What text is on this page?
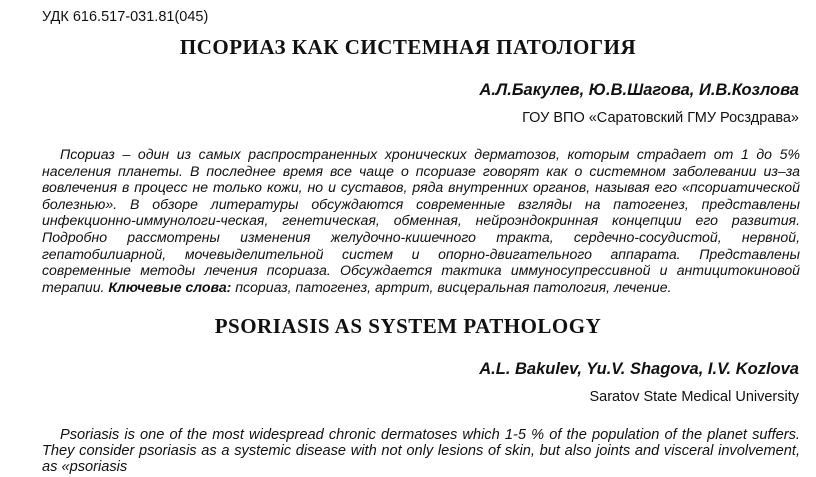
УДК 616.517-031.81(045)
ПСОРИАЗ КАК СИСТЕМНАЯ ПАТОЛОГИЯ
А.Л.Бакулев, Ю.В.Шагова, И.В.Козлова
ГОУ ВПО «Саратовский ГМУ Росздрава»

Псориаз – один из самых распространенных хронических дерматозов, которым страдает от 1 до 5% населения планеты. В последнее время все чаще о псориазе говорят как о системном заболевании из–за вовлечения в процесс не только кожи, но и суставов, ряда внутренних органов, называя его «псориатической болезнью». В обзоре литературы обсуждаются современные взгляды на патогенез, представлены инфекционно-иммунологи-ческая, генетическая, обменная, нейроэндокринная концепции его развития. Подробно рассмотрены изменения желудочно-кишечного тракта, сердечно-сосудистой, нервной, гепатобилиарной, мочевыделительной систем и опорно-двигательного аппарата. Представлены современные методы лечения псориаза. Обсуждается тактика иммуносупрессивной и антицитокиновой терапии. Ключевые слова: псориаз, патогенез, артрит, висцеральная патология, лечение.

PSORIASIS AS SYSTEM PATHOLOGY
A.L. Bakulev, Yu.V. Shagova, I.V. Kozlova
Saratov State Medical University

Psoriasis is one of the most widespread chronic dermatoses which 1-5 % of the population of the planet suffers. They consider psoriasis as a systemic disease with not only lesions of skin, but also joints and visceral involvement, as «psoriasis
